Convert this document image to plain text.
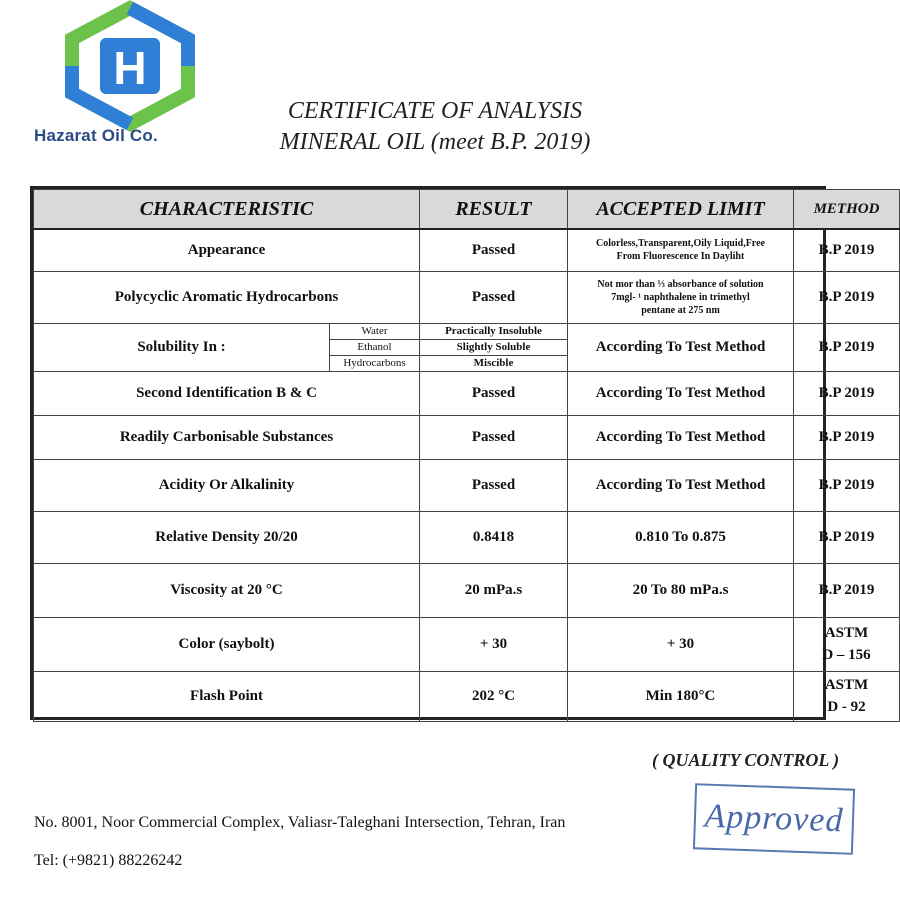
H
Hazarat Oil Co.
CERTIFICATE OF ANALYSIS
MINERAL OIL (meet B.P. 2019)
CHARACTERISTIC		RESULT	ACCEPTED LIMIT	METHOD
Appearance		Passed	Colorless,Transparent,Oily Liquid,Free
From Fluorescence In Dayliht	B.P 2019
Polycyclic Aromatic Hydrocarbons		Passed	Not mor than ⅓ absorbance of solution
7mgl- ¹ naphthalene in trimethyl
pentane at 275 nm	B.P 2019
Solubility In :	Water	Practically Insoluble	According To Test Method	B.P 2019
	Ethanol	Slightly Soluble		
	Hydrocarbons	Miscible		
Second Identification B & C		Passed	According To Test Method	B.P 2019
Readily Carbonisable Substances		Passed	According To Test Method	B.P 2019
Acidity Or Alkalinity		Passed	According To Test Method	B.P 2019
Relative Density 20/20		0.8418	0.810 To 0.875	B.P 2019
Viscosity at 20 °C		20 mPa.s	20 To 80 mPa.s	B.P 2019
Color (saybolt)		+ 30	+ 30	ASTM
D – 156

Flash Point		202 °C	Min 180°C	ASTM
D - 92
( QUALITY CONTROL )
Approved
No. 8001, Noor Commercial Complex, Valiasr-Taleghani Intersection, Tehran, Iran
Tel: (+9821) 88226242
